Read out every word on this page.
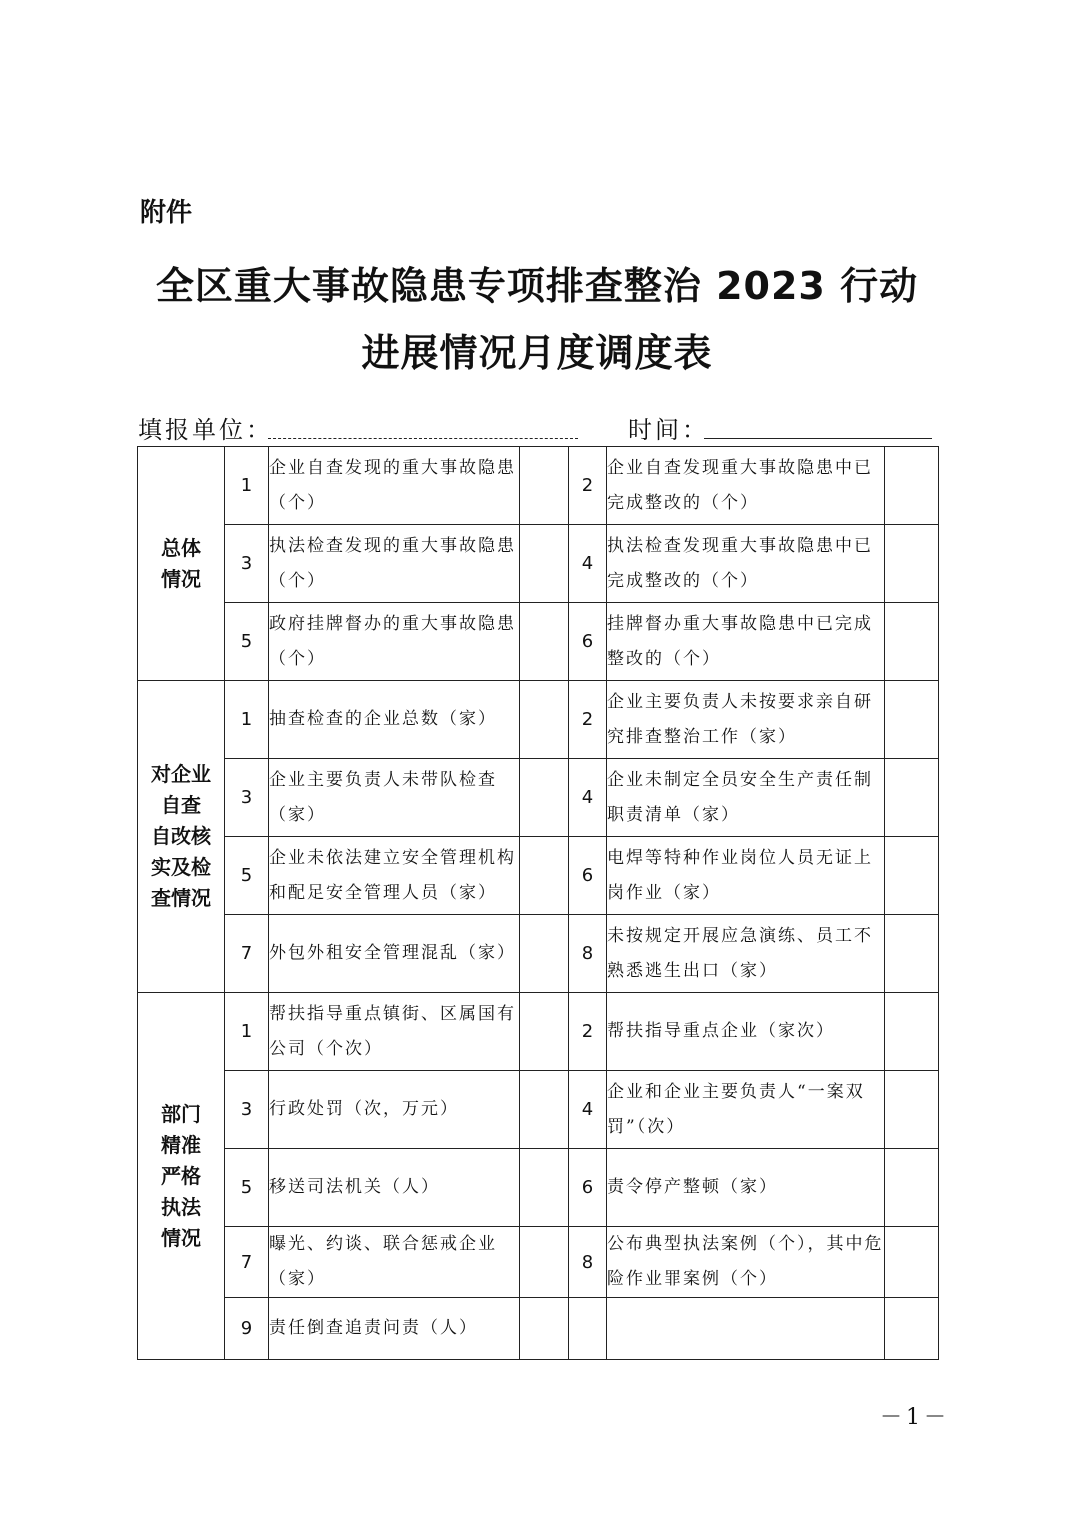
附件
全区重大事故隐患专项排查整治 2023 行动
进展情况月度调度表
填报单位：	时间：
总体
情况	1	企业自查发现的重大事故隐患（个）		2	企业自查发现重大事故隐患中已完成整改的（个）	
	3	执法检查发现的重大事故隐患（个）		4	执法检查发现重大事故隐患中已完成整改的（个）	
	5	政府挂牌督办的重大事故隐患（个）		6	挂牌督办重大事故隐患中已完成整改的（个）	
对企业
自查
自改核
实及检
查情况	1	抽查检查的企业总数（家）		2	企业主要负责人未按要求亲自研究排查整治工作（家）	
	3	企业主要负责人未带队检查（家）		4	企业未制定全员安全生产责任制职责清单（家）	
	5	企业未依法建立安全管理机构和配足安全管理人员（家）		6	电焊等特种作业岗位人员无证上岗作业（家）	
	7	外包外租安全管理混乱（家）		8	未按规定开展应急演练、员工不熟悉逃生出口（家）	
部门
精准
严格
执法
情况	1	帮扶指导重点镇街、区属国有公司（个次）		2	帮扶指导重点企业（家次）	
	3	行政处罚（次，万元）		4	企业和企业主要负责人“一案双罚”（次）	
	5	移送司法机关（人）		6	责令停产整顿（家）	
	7	曝光、约谈、联合惩戒企业（家）		8	公布典型执法案例（个），其中危险作业罪案例（个）	
	9	责任倒查追责问责（人）				
－1－
